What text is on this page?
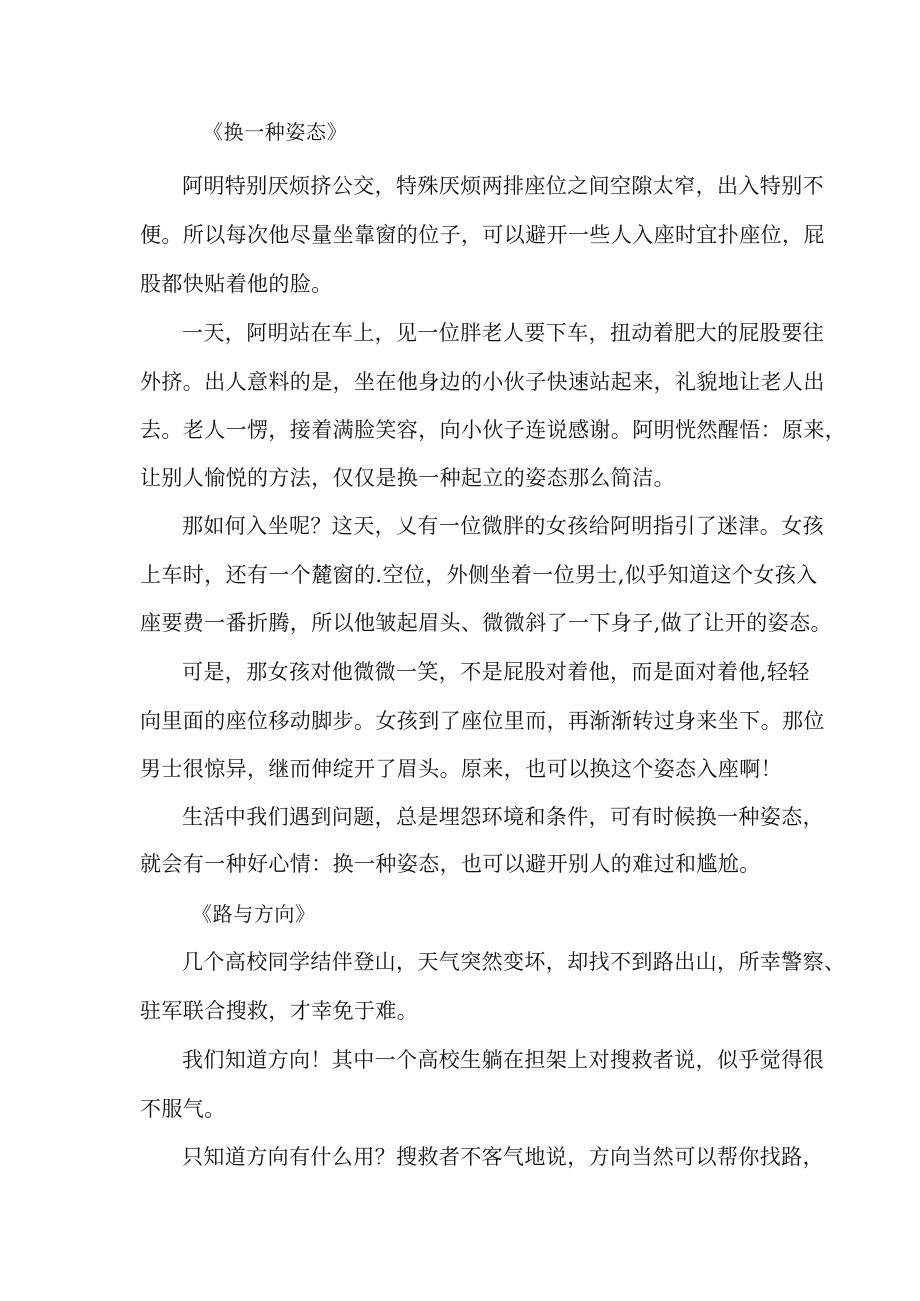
《换一种姿态》
阿明特别厌烦挤公交，特殊厌烦两排座位之间空隙太窄，出入特别不
便。所以每次他尽量坐靠窗的位子，可以避开一些人入座时宜扑座位，屁
股都快贴着他的脸。
一天，阿明站在车上，见一位胖老人要下车，扭动着肥大的屁股要往
外挤。出人意料的是，坐在他身边的小伙子快速站起来，礼貌地让老人出
去。老人一愣，接着满脸笑容，向小伙子连说感谢。阿明恍然醒悟：原来，
让别人愉悦的方法，仅仅是换一种起立的姿态那么简洁。
那如何入坐呢？这天，乂有一位微胖的女孩给阿明指引了迷津。女孩
上车时，还有一个麓窗的.空位，外侧坐着一位男士,似乎知道这个女孩入
座要费一番折腾，所以他皱起眉头、微微斜了一下身子,做了让开的姿态。
可是，那女孩对他微微一笑，不是屁股对着他，而是面对着他,轻轻
向里面的座位移动脚步。女孩到了座位里而，再渐渐转过身来坐下。那位
男士很惊异，继而伸绽开了眉头。原来，也可以换这个姿态入座啊！
生活中我们遇到问题，总是埋怨环境和条件，可有时候换一种姿态，
就会有一种好心情：换一种姿态，也可以避开别人的难过和尴尬。
《路与方向》
几个高校同学结伴登山，天气突然变坏，却找不到路出山，所幸警察、
驻军联合搜救，才幸免于难。
我们知道方向！其中一个高校生躺在担架上对搜救者说，似乎觉得很
不服气。
只知道方向有什么用？搜救者不客气地说，方向当然可以帮你找路，
